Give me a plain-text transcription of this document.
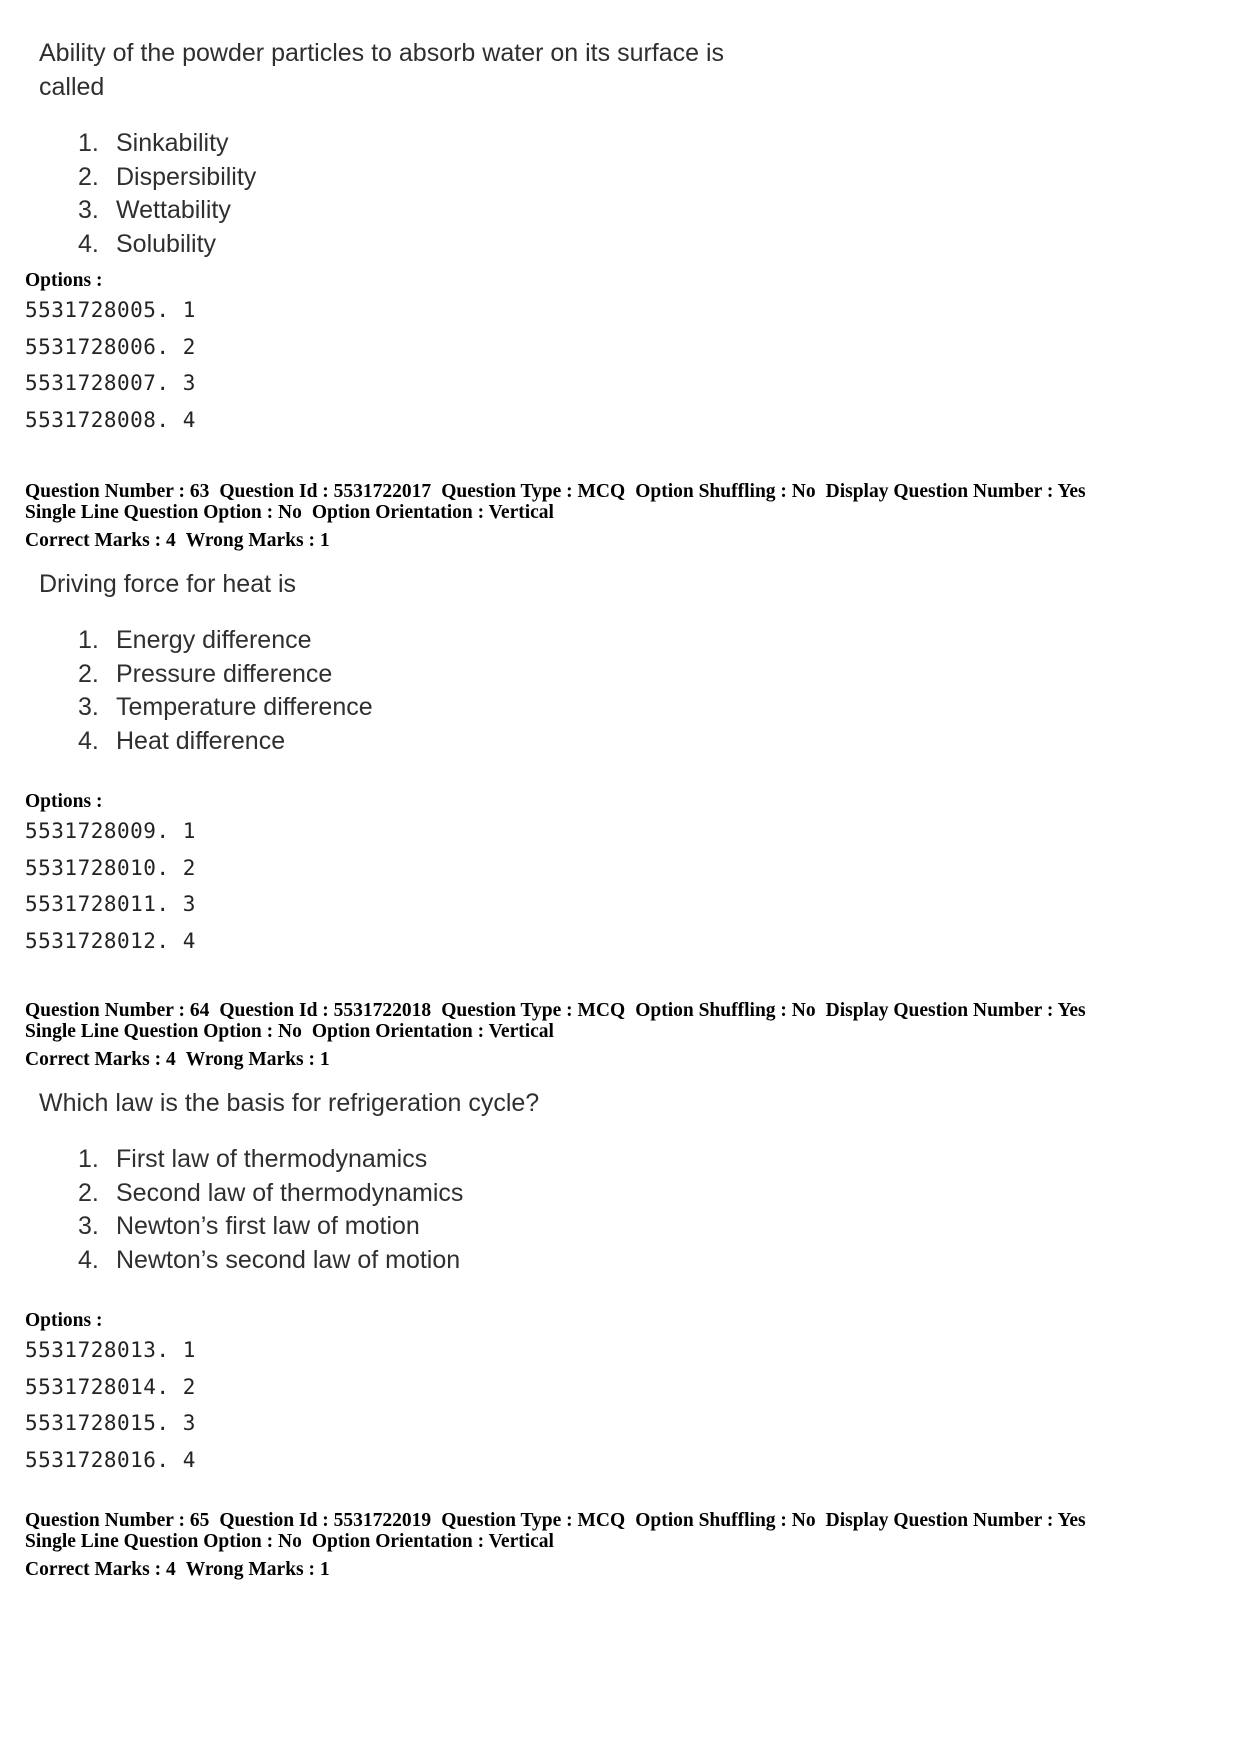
Ability of the powder particles to absorb water on its surface is
called
1. Sinkability
2. Dispersibility
3. Wettability
4. Solubility
Options :
5531728005. 1
5531728006. 2
5531728007. 3
5531728008. 4
Question Number : 63 Question Id : 5531722017 Question Type : MCQ Option Shuffling : No Display Question Number : Yes
Single Line Question Option : No Option Orientation : Vertical
Correct Marks : 4 Wrong Marks : 1
Driving force for heat is
1. Energy difference
2. Pressure difference
3. Temperature difference
4. Heat difference
Options :
5531728009. 1
5531728010. 2
5531728011. 3
5531728012. 4
Question Number : 64 Question Id : 5531722018 Question Type : MCQ Option Shuffling : No Display Question Number : Yes
Single Line Question Option : No Option Orientation : Vertical
Correct Marks : 4 Wrong Marks : 1
Which law is the basis for refrigeration cycle?
1. First law of thermodynamics
2. Second law of thermodynamics
3. Newton’s first law of motion
4. Newton’s second law of motion
Options :
5531728013. 1
5531728014. 2
5531728015. 3
5531728016. 4
Question Number : 65 Question Id : 5531722019 Question Type : MCQ Option Shuffling : No Display Question Number : Yes
Single Line Question Option : No Option Orientation : Vertical
Correct Marks : 4 Wrong Marks : 1
